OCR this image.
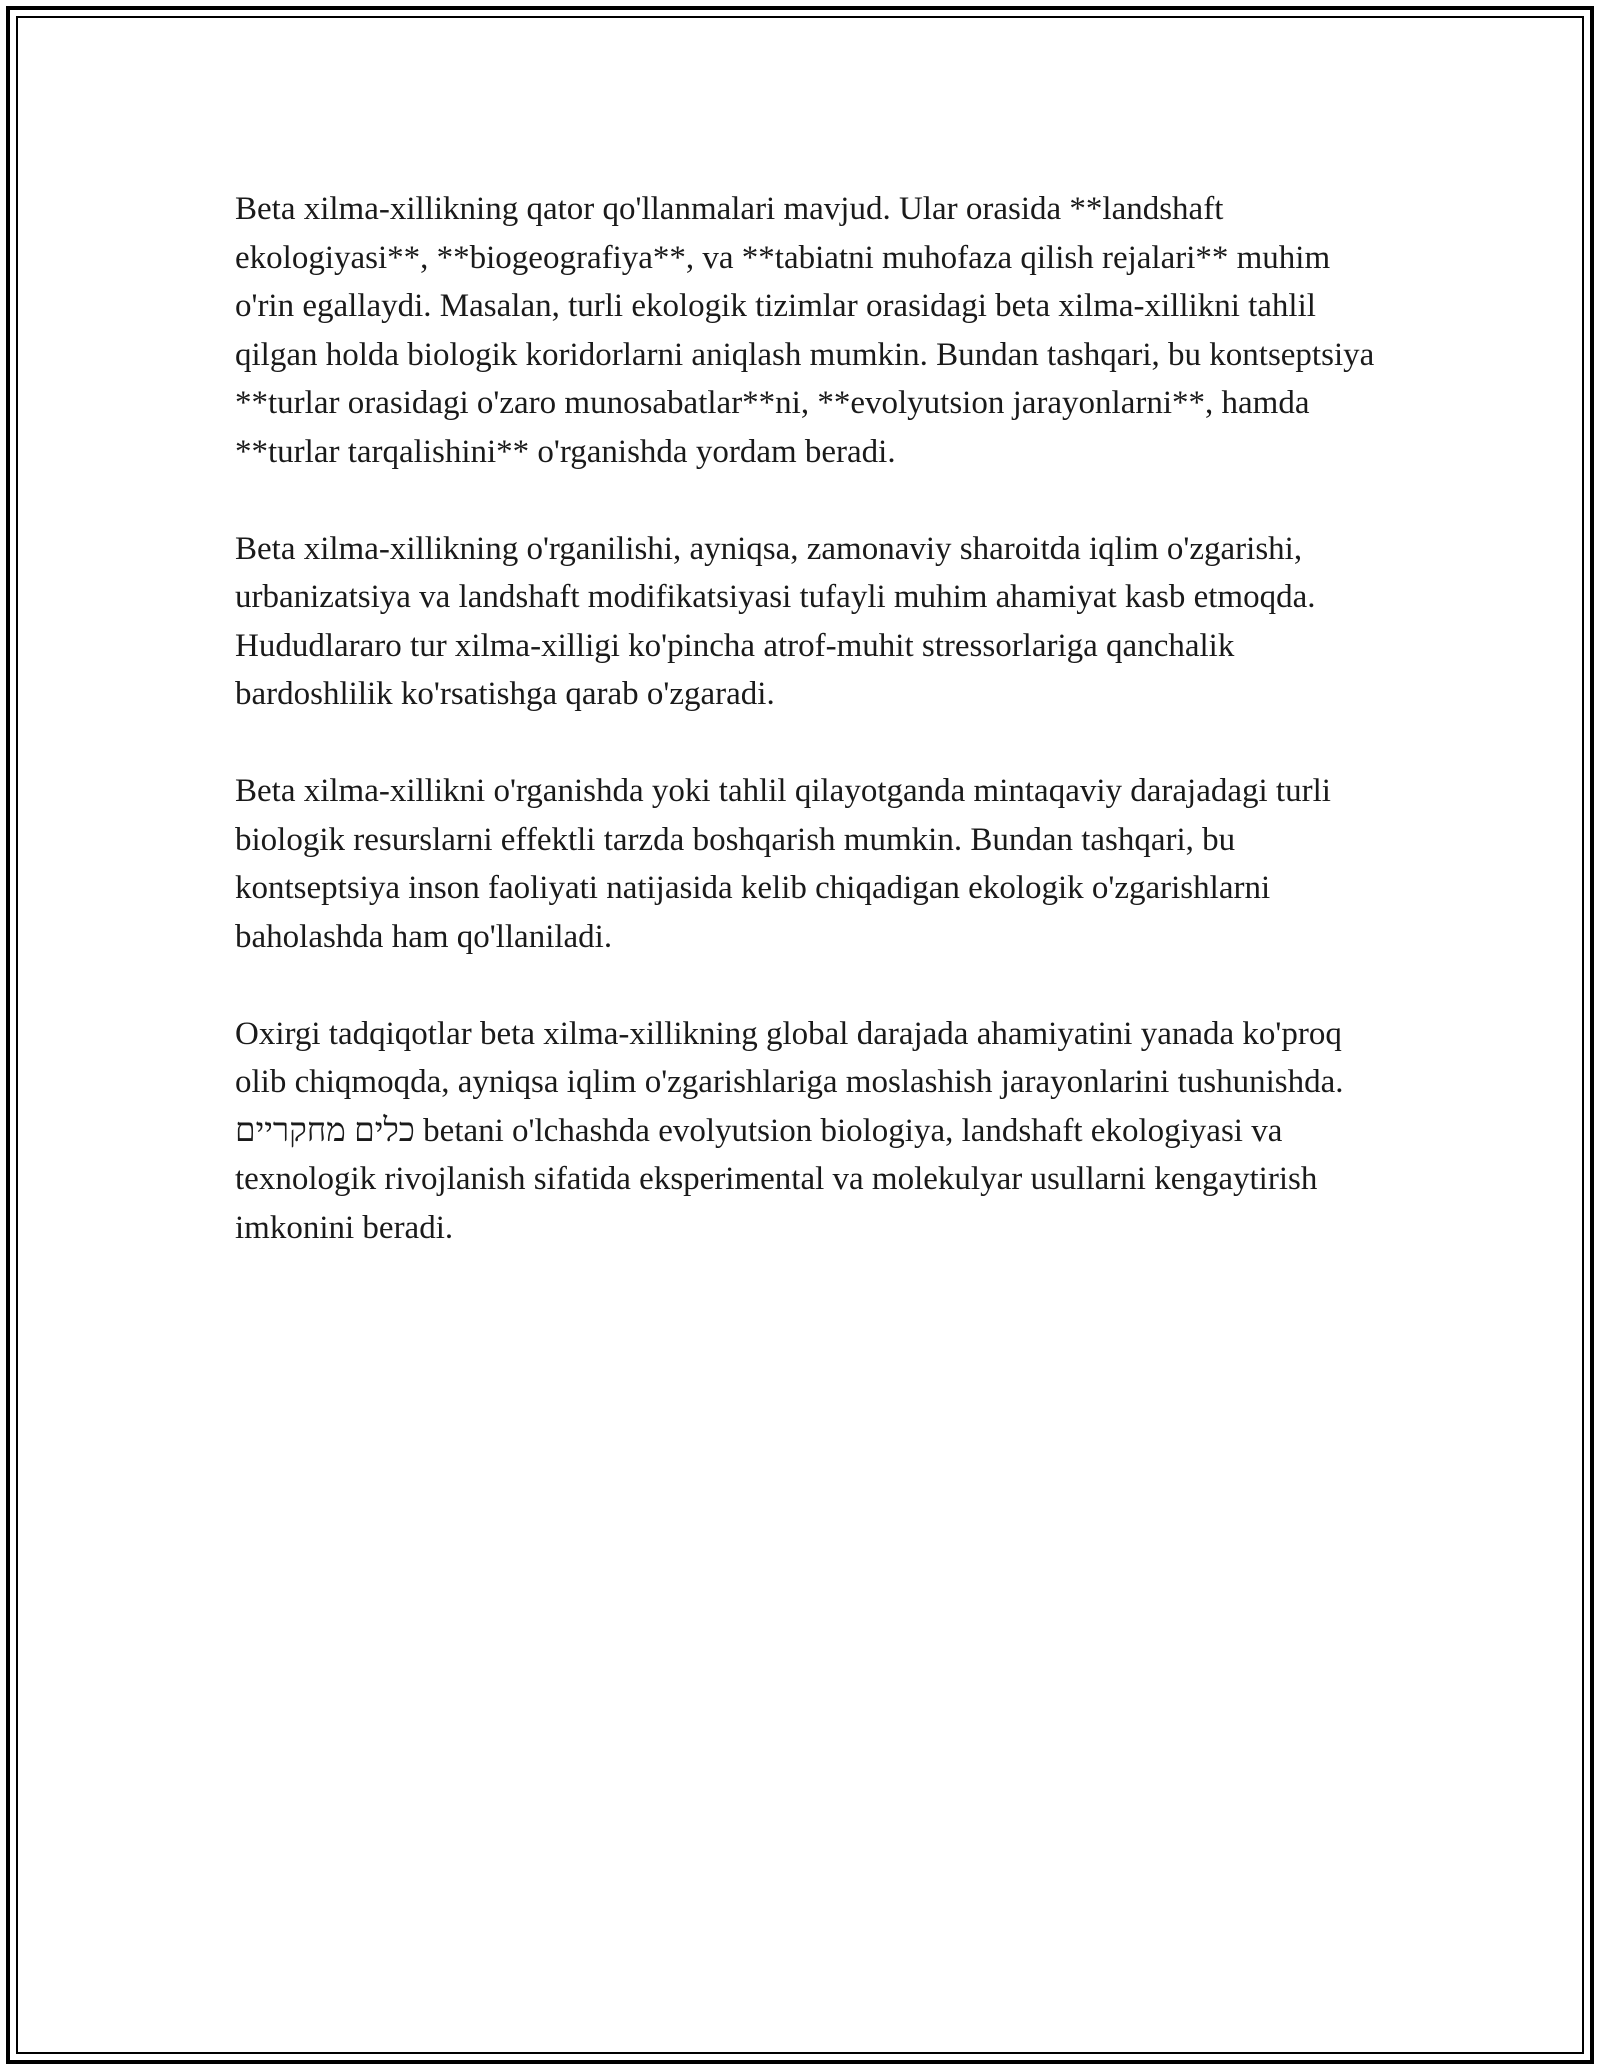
Beta xilma-xillikning qator qo'llanmalari mavjud. Ular orasida **landshaft ekologiyasi**, **biogeografiya**, va **tabiatni muhofaza qilish rejalari** muhim o'rin egallaydi. Masalan, turli ekologik tizimlar orasidagi beta xilma-xillikni tahlil qilgan holda biologik koridorlarni aniqlash mumkin. Bundan tashqari, bu kontseptsiya **turlar orasidagi o'zaro munosabatlar**ni, **evolyutsion jarayonlarni**, hamda **turlar tarqalishini** o'rganishda yordam beradi.

Beta xilma-xillikning o'rganilishi, ayniqsa, zamonaviy sharoitda iqlim o'zgarishi, urbanizatsiya va landshaft modifikatsiyasi tufayli muhim ahamiyat kasb etmoqda. Hududlararo tur xilma-xilligi ko'pincha atrof-muhit stressorlariga qanchalik bardoshlilik ko'rsatishga qarab o'zgaradi.

Beta xilma-xillikni o'rganishda yoki tahlil qilayotganda mintaqaviy darajadagi turli biologik resurslarni effektli tarzda boshqarish mumkin. Bundan tashqari, bu kontseptsiya inson faoliyati natijasida kelib chiqadigan ekologik o'zgarishlarni baholashda ham qo'llaniladi.

Oxirgi tadqiqotlar beta xilma-xillikning global darajada ahamiyatini yanada ko'proq olib chiqmoqda, ayniqsa iqlim o'zgarishlariga moslashish jarayonlarini tushunishda. כלים מחקריים betani o'lchashda evolyutsion biologiya, landshaft ekologiyasi va texnologik rivojlanish sifatida eksperimental va molekulyar usullarni kengaytirish imkonini beradi.
